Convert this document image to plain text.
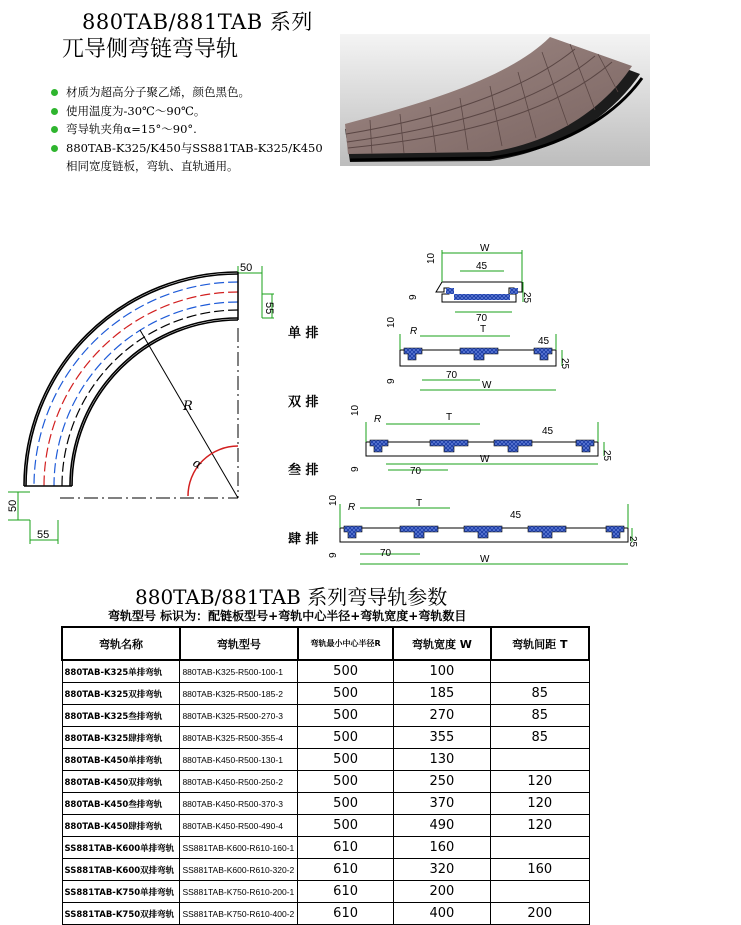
880TAB/881TAB 系列
兀导侧弯链弯导轨
材质为超高分子聚乙烯，颜色黑色。
使用温度为-30℃～90℃。
弯导轨夹角α=15°～90°.
880TAB-K325/K450与SS881TAB-K325/K450
相同宽度链板，弯轨、直轨通用。
R
α
50
55
50
55
单 排
双 排
叁 排
肆 排
W
45
70
25
10
9
R	T
45
70
W
25
10
9
R	T
45
70
W	25
10
9
R	T
45
70
W
25
10
9
880TAB/881TAB 系列弯导轨参数
弯轨型号 标识为：配链板型号+弯轨中心半径+弯轨宽度+弯轨数目
弯轨名称	弯轨型号	弯轨最小中心半径R	弯轨宽度 W	弯轨间距 T
880TAB-K325单排弯轨	880TAB-K325-R500-100-1	500	100	
880TAB-K325双排弯轨	880TAB-K325-R500-185-2	500	185	85
880TAB-K325叁排弯轨	880TAB-K325-R500-270-3	500	270	85
880TAB-K325肆排弯轨	880TAB-K325-R500-355-4	500	355	85
880TAB-K450单排弯轨	880TAB-K450-R500-130-1	500	130	
880TAB-K450双排弯轨	880TAB-K450-R500-250-2	500	250	120
880TAB-K450叁排弯轨	880TAB-K450-R500-370-3	500	370	120
880TAB-K450肆排弯轨	880TAB-K450-R500-490-4	500	490	120
SS881TAB-K600单排弯轨	SS881TAB-K600-R610-160-1	610	160	
SS881TAB-K600双排弯轨	SS881TAB-K600-R610-320-2	610	320	160
SS881TAB-K750单排弯轨	SS881TAB-K750-R610-200-1	610	200	
SS881TAB-K750双排弯轨	SS881TAB-K750-R610-400-2	610	400	200
